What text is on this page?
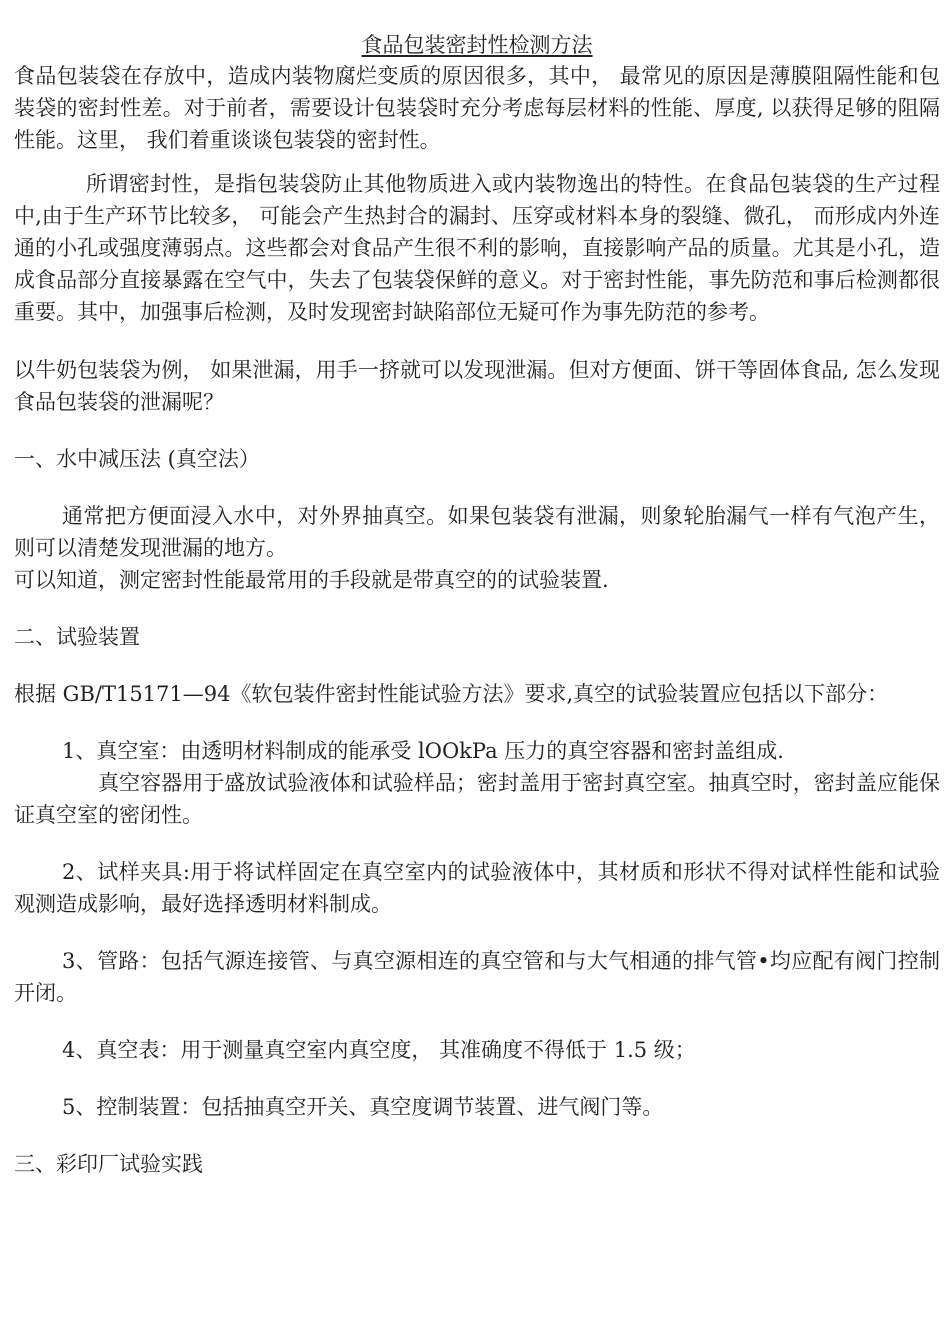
食品包装密封性检测方法

食品包装袋在存放中，造成内装物腐烂变质的原因很多，其中， 最常见的原因是薄膜阻隔性能和包装袋的密封性差。对于前者，需要设计包装袋时充分考虑每层材料的性能、厚度, 以获得足够的阻隔性能。这里， 我们着重谈谈包装袋的密封性。

所谓密封性，是指包装袋防止其他物质进入或内装物逸出的特性。在食品包装袋的生产过程中,由于生产环节比较多， 可能会产生热封合的漏封、压穿或材料本身的裂缝、微孔， 而形成内外连通的小孔或强度薄弱点。这些都会对食品产生很不利的影响，直接影响产品的质量。尤其是小孔，造成食品部分直接暴露在空气中，失去了包装袋保鲜的意义。对于密封性能，事先防范和事后检测都很重要。其中，加强事后检测，及时发现密封缺陷部位无疑可作为事先防范的参考。

以牛奶包装袋为例， 如果泄漏，用手一挤就可以发现泄漏。但对方便面、饼干等固体食品, 怎么发现食品包装袋的泄漏呢？

一、水中减压法 (真空法）

通常把方便面浸入水中，对外界抽真空。如果包装袋有泄漏，则象轮胎漏气一样有气泡产生，则可以清楚发现泄漏的地方。

可以知道，测定密封性能最常用的手段就是带真空的的试验装置.

二、试验装置

根据 GB/T15171—94《软包装件密封性能试验方法》要求,真空的试验装置应包括以下部分：

1、真空室：由透明材料制成的能承受 lOOkPa 压力的真空容器和密封盖组成.

真空容器用于盛放试验液体和试验样品；密封盖用于密封真空室。抽真空时，密封盖应能保证真空室的密闭性。

2、试样夹具:用于将试样固定在真空室内的试验液体中，其材质和形状不得对试样性能和试验观测造成影响，最好选择透明材料制成。

3、管路：包括气源连接管、与真空源相连的真空管和与大气相通的排气管•均应配有阀门控制开闭。

4、真空表：用于测量真空室内真空度， 其准确度不得低于 1.5 级；

5、控制装置：包括抽真空开关、真空度调节装置、进气阀门等。

三、彩印厂试验实践
